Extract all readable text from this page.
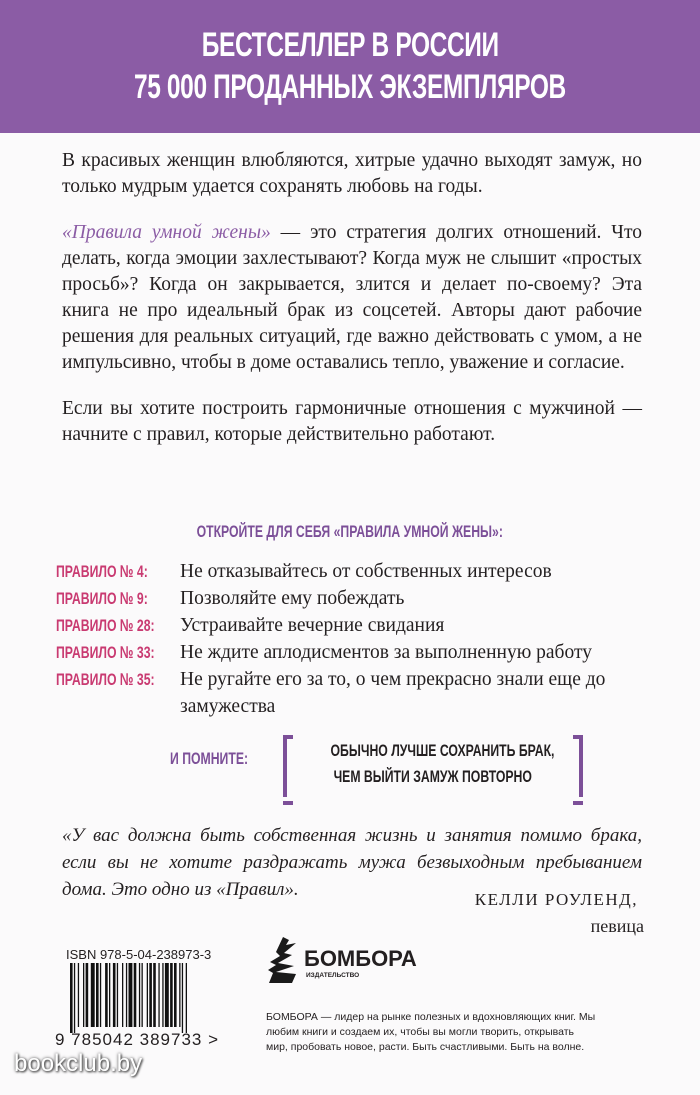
БЕСТСЕЛЛЕР В РОССИИ
75 000 ПРОДАННЫХ ЭКЗЕМПЛЯРОВ

В красивых женщин влюбляются, хитрые удачно выходят замуж, но только мудрым удается сохранять любовь на годы.

«Правила умной жены» — это стратегия долгих отношений. Что делать, когда эмоции захлестывают? Когда муж не слышит «простых просьб»? Когда он закрывается, злится и делает по-своему? Эта книга не про идеальный брак из соцсетей. Авторы дают рабочие решения для реальных ситуаций, где важно действовать с умом, а не импульсивно, чтобы в доме оставались тепло, уважение и согласие.

Если вы хотите построить гармоничные отношения с мужчиной — начните с правил, которые действительно работают.

ОТКРОЙТЕ ДЛЯ СЕБЯ «ПРАВИЛА УМНОЙ ЖЕНЫ»:
ПРАВИЛО № 4: Не отказывайтесь от собственных интересов
ПРАВИЛО № 9: Позволяйте ему побеждать
ПРАВИЛО № 28: Устраивайте вечерние свидания
ПРАВИЛО № 33: Не ждите аплодисментов за выполненную работу
ПРАВИЛО № 35: Не ругайте его за то, о чем прекрасно знали еще до замужества
И ПОМНИТЕ:	ОБЫЧНО ЛУЧШЕ СОХРАНИТЬ БРАК,
ЧЕМ ВЫЙТИ ЗАМУЖ ПОВТОРНО
«У вас должна быть собственная жизнь и занятия помимо брака, если вы не хотите раздражать мужа безвыходным пребыванием дома. Это одно из «Правил».	КЕЛЛИ РОУЛЕНД,
певица
ISBN 978-5-04-238973-3
9 785042 389733 >
БОМБОРА
ИЗДАТЕЛЬСТВО
БОМБОРА — лидер на рынке полезных и вдохновляющих книг. Мы любим книги и создаем их, чтобы вы могли творить, открывать мир, пробовать новое, расти. Быть счастливыми. Быть на волне.
bookclub.by
